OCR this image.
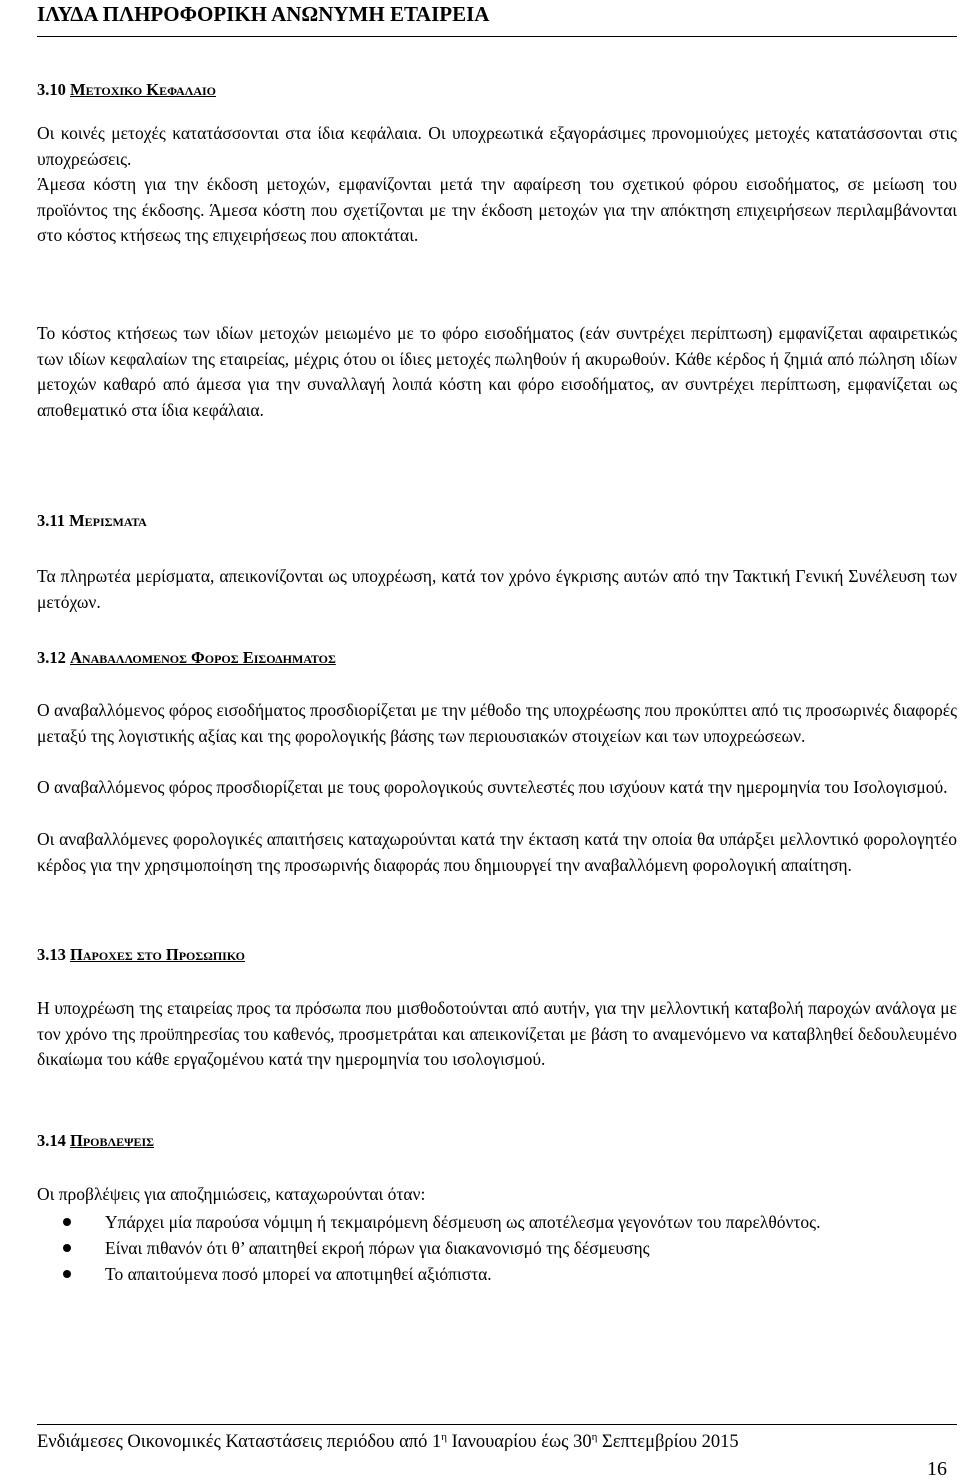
ΙΛΥΔΑ ΠΛΗΡΟΦΟΡΙΚΗ ΑΝΩΝΥΜΗ ΕΤΑΙΡΕΙΑ
3.10 Μετοχικο Κεφαλαιο
Οι κοινές μετοχές κατατάσσονται στα ίδια κεφάλαια. Οι υποχρεωτικά εξαγοράσιμες προνομιούχες μετοχές κατατάσσονται στις υποχρεώσεις.
Άμεσα κόστη για την έκδοση μετοχών, εμφανίζονται μετά την αφαίρεση του σχετικού φόρου εισοδήματος, σε μείωση του προϊόντος της έκδοσης. Άμεσα κόστη που σχετίζονται με την έκδοση μετοχών για την απόκτηση επιχειρήσεων περιλαμβάνονται στο κόστος κτήσεως της επιχειρήσεως που αποκτάται.
Το κόστος κτήσεως των ιδίων μετοχών μειωμένο με το φόρο εισοδήματος (εάν συντρέχει περίπτωση) εμφανίζεται αφαιρετικώς των ιδίων κεφαλαίων της εταιρείας, μέχρις ότου οι ίδιες μετοχές πωληθούν ή ακυρωθούν. Κάθε κέρδος ή ζημιά από πώληση ιδίων μετοχών καθαρό από άμεσα για την συναλλαγή λοιπά κόστη και φόρο εισοδήματος, αν συντρέχει περίπτωση, εμφανίζεται ως αποθεματικό στα ίδια κεφάλαια.
3.11 Μερισματα
Τα πληρωτέα μερίσματα, απεικονίζονται ως υποχρέωση, κατά τον χρόνο έγκρισης αυτών από την Τακτική Γενική Συνέλευση των μετόχων.
3.12 Αναβαλλομενος Φορος Εισοδηματος
Ο αναβαλλόμενος φόρος εισοδήματος προσδιορίζεται με την μέθοδο της υποχρέωσης που προκύπτει από τις προσωρινές διαφορές μεταξύ της λογιστικής αξίας και της φορολογικής βάσης των περιουσιακών στοιχείων και των υποχρεώσεων.
Ο αναβαλλόμενος φόρος προσδιορίζεται με τους φορολογικούς συντελεστές που ισχύουν κατά την ημερομηνία του Ισολογισμού.
Οι αναβαλλόμενες φορολογικές απαιτήσεις καταχωρούνται κατά την έκταση κατά την οποία θα υπάρξει μελλοντικό φορολογητέο κέρδος για την χρησιμοποίηση της προσωρινής διαφοράς που δημιουργεί την αναβαλλόμενη φορολογική απαίτηση.
3.13 Παροχες στο Προσωπικο
Η υποχρέωση της εταιρείας προς τα πρόσωπα που μισθοδοτούνται από αυτήν, για την μελλοντική καταβολή παροχών ανάλογα με τον χρόνο της προϋπηρεσίας του καθενός, προσμετράται και απεικονίζεται με βάση το αναμενόμενο να καταβληθεί δεδουλευμένο δικαίωμα του κάθε εργαζομένου κατά την ημερομηνία του ισολογισμού.
3.14 Προβλεψεις
Οι προβλέψεις για αποζημιώσεις, καταχωρούνται όταν:
Υπάρχει μία παρούσα νόμιμη ή τεκμαιρόμενη δέσμευση ως αποτέλεσμα γεγονότων του παρελθόντος.
Είναι πιθανόν ότι θ’ απαιτηθεί εκροή πόρων για διακανονισμό της δέσμευσης
Το απαιτούμενα ποσό μπορεί να αποτιμηθεί αξιόπιστα.
Ενδιάμεσες Οικονομικές Καταστάσεις περιόδου από $1^\eta$ Ιανουαρίου έως $30^\eta$ Σεπτεμβρίου 2015
16
